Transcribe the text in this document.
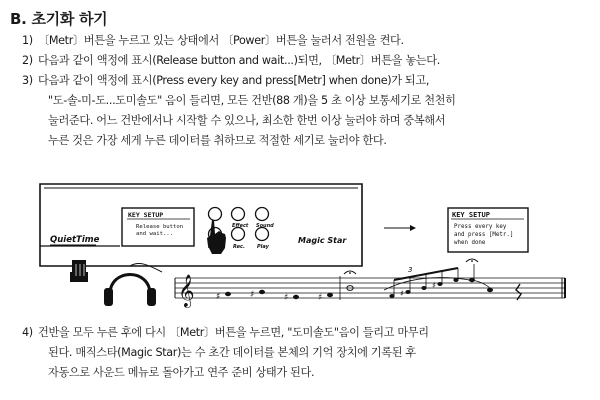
B. 초기화 하기
1) 〔Metr〕버튼을 누르고 있는 상태에서 〔Power〕버튼을 눌러서 전원을 켠다.
2) 다음과 같이 액정에 표시(Release button and wait...)되면, 〔Metr〕버튼을 놓는다.
3) 다음과 같이 액정에 표시(Press every key and press[Metr] when done)가 되고,
"도-솔-미-도...도미솔도" 음이 들리면, 모든 건반(88 개)을 5 초 이상 보통세기로 천천히
눌러준다. 어느 건반에서나 시작할 수 있으나, 최소한 한번 이상 눌러야 하며 중복해서
누른 것은 가장 세게 누른 데이터를 취하므로 적절한 세기로 눌러야 한다.
QuietTime
KEY SETUP
Release button
and wait...
Effect Sound
Rec. Play
Magic Star
KEY SETUP
Press every key
and press [Metr.]
when done
𝄞 ♯	♯	♯	♯
3
♯
♯
4) 건반을 모두 누른 후에 다시 〔Metr〕버튼을 누르면, "도미솔도"음이 들리고 마무리
된다. 매직스타(Magic Star)는 수 초간 데이터를 본체의 기억 장치에 기록된 후
자동으로 사운드 메뉴로 돌아가고 연주 준비 상태가 된다.
